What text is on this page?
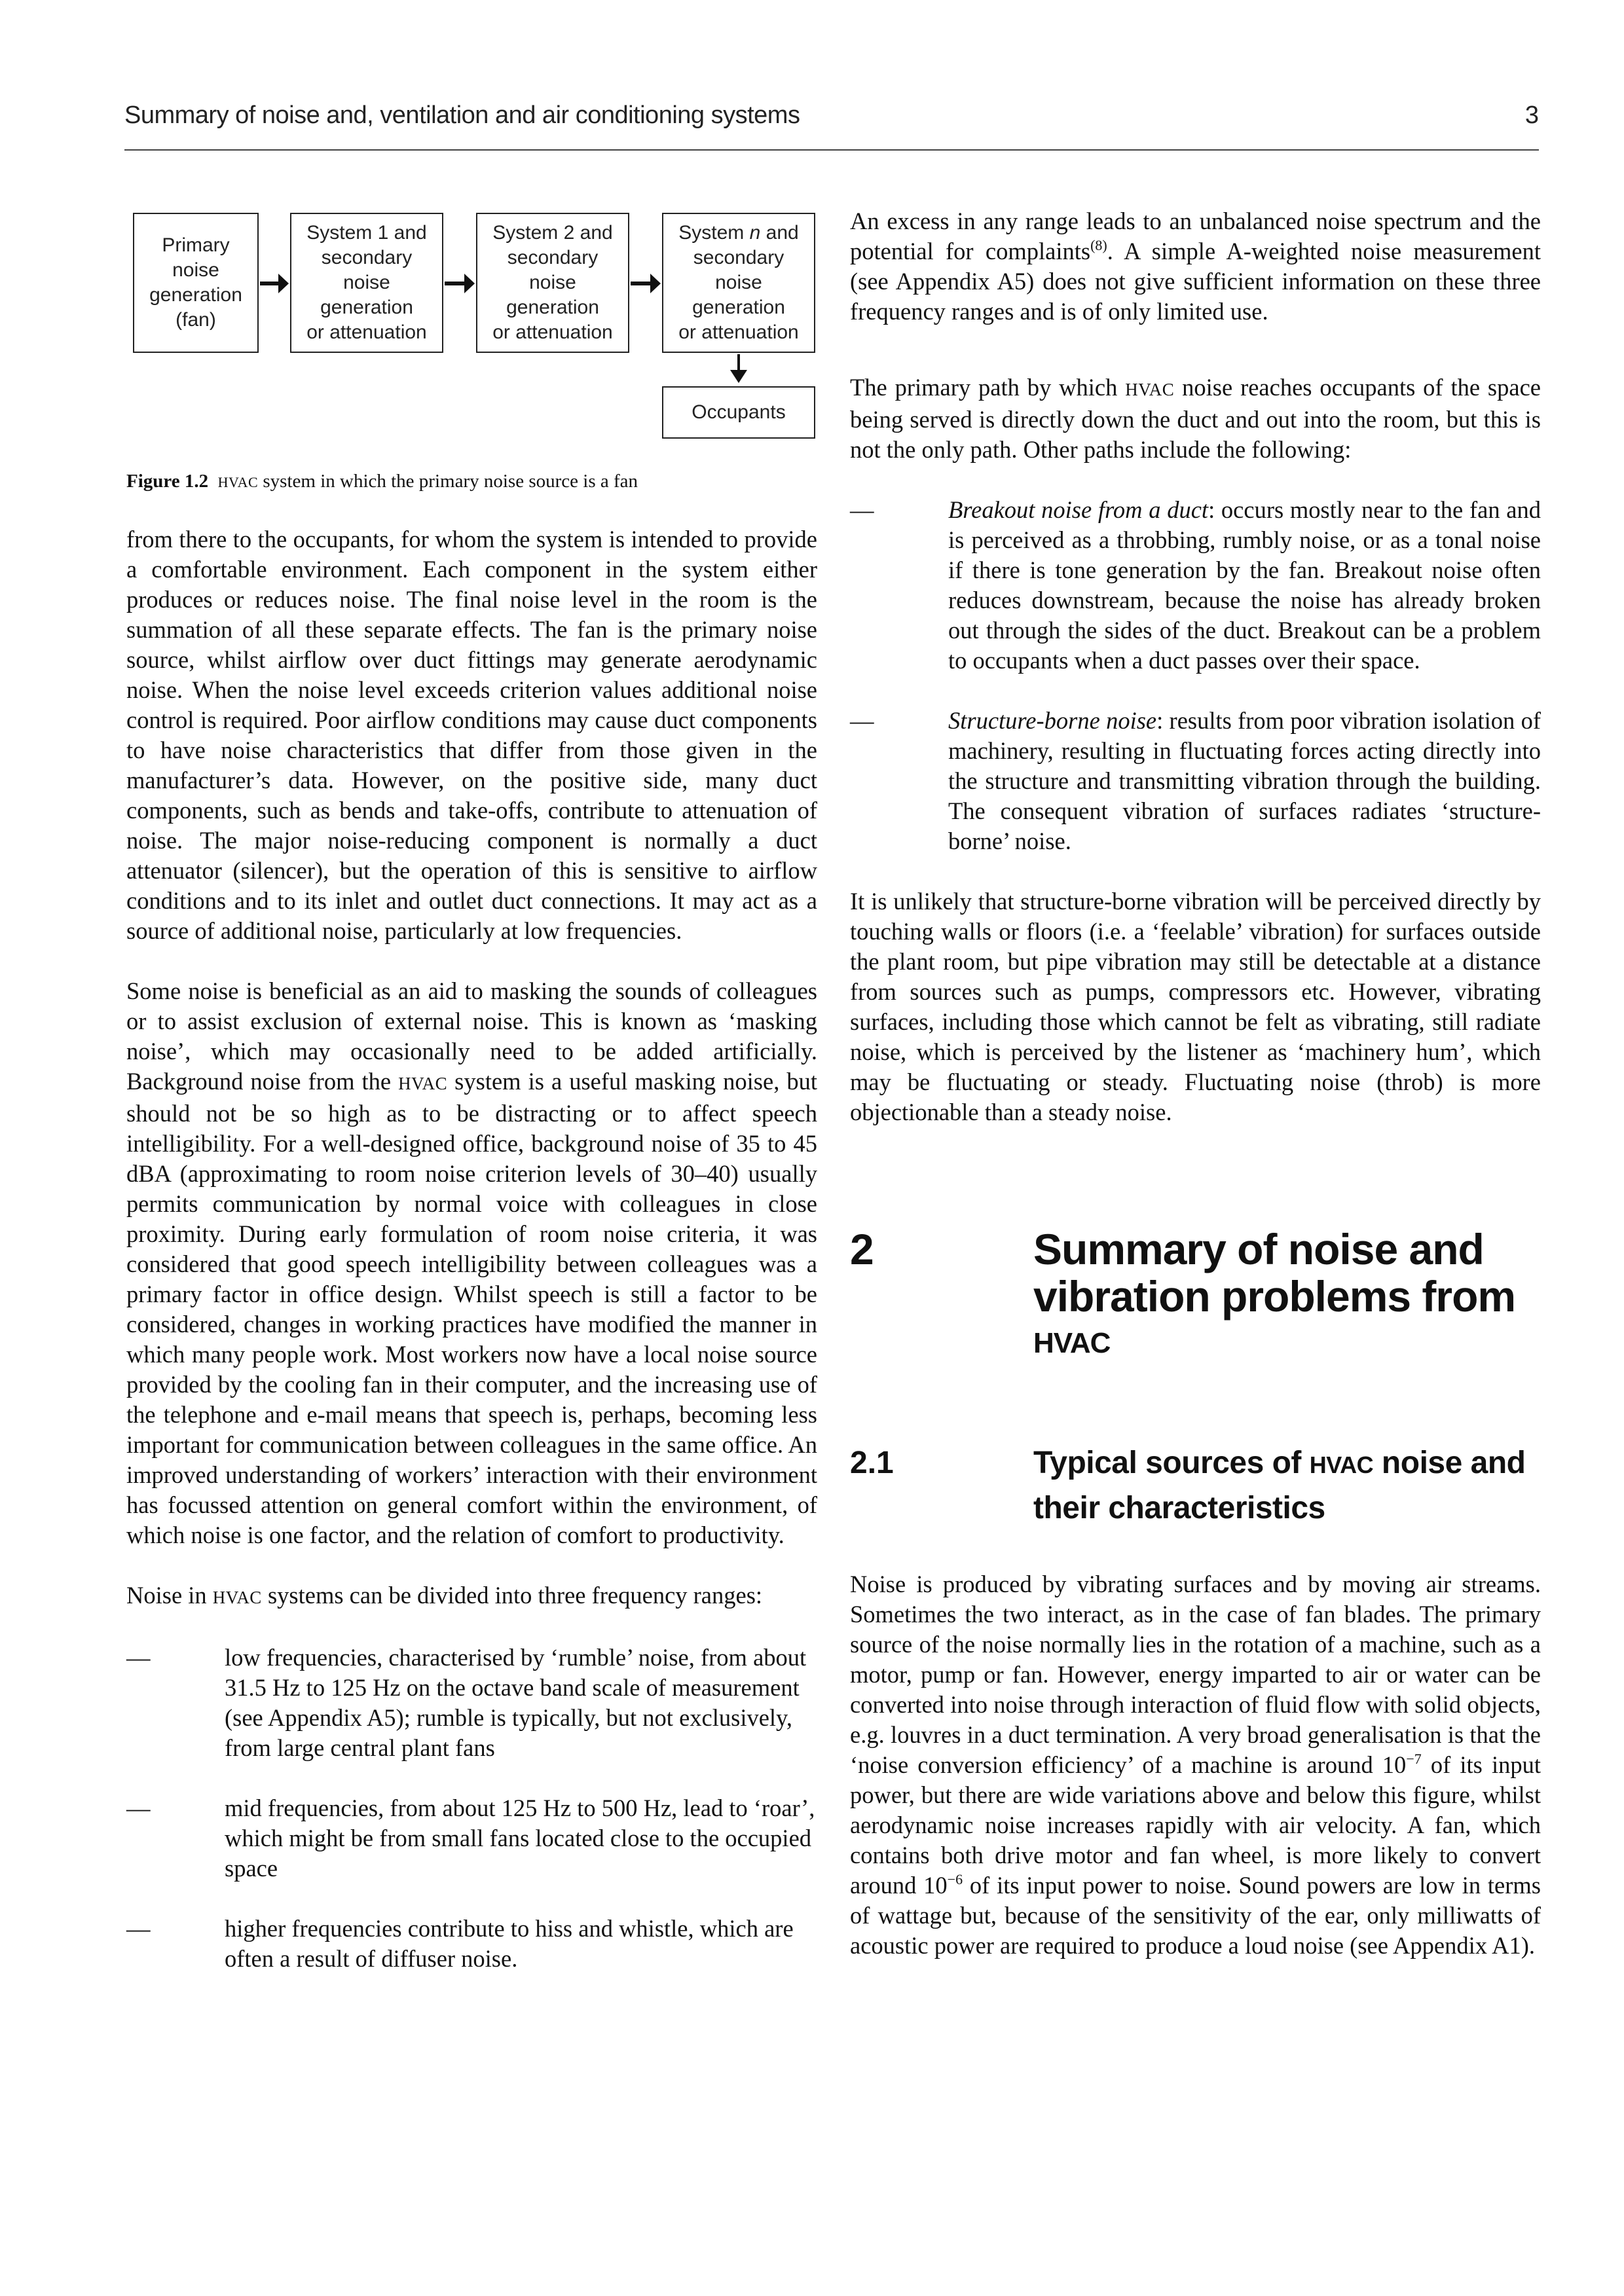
Summary of noise and, ventilation and air conditioning systems	3
Primary
noise
generation
(fan)
System 1 and
secondary
noise
generation
or attenuation
System 2 and
secondary
noise
generation
or attenuation
System n and
secondary
noise
generation
or attenuation
Occupants
Figure 1.2 HVAC system in which the primary noise source is a fan

from there to the occupants, for whom the system is intended to provide a comfortable environment. Each component in the system either produces or reduces noise. The final noise level in the room is the summation of all these separate effects. The fan is the primary noise source, whilst airflow over duct fittings may generate aerodynamic noise. When the noise level exceeds criterion values additional noise control is required. Poor airflow conditions may cause duct components to have noise characteristics that differ from those given in the manufacturer’s data. However, on the positive side, many duct components, such as bends and take-offs, contribute to attenuation of noise. The major noise-reducing component is normally a duct attenuator (silencer), but the operation of this is sensitive to airflow conditions and to its inlet and outlet duct connections. It may act as a source of additional noise, particularly at low frequencies.

Some noise is beneficial as an aid to masking the sounds of colleagues or to assist exclusion of external noise. This is known as ‘masking noise’, which may occasionally need to be added artificially. Background noise from the HVAC system is a useful masking noise, but should not be so high as to be distracting or to affect speech intelligibility. For a well-designed office, background noise of 35 to 45 dBA (approximating to room noise criterion levels of 30–40) usually permits communication by normal voice with colleagues in close proximity. During early formulation of room noise criteria, it was considered that good speech intelligibility between colleagues was a primary factor in office design. Whilst speech is still a factor to be considered, changes in working practices have modified the manner in which many people work. Most workers now have a local noise source provided by the cooling fan in their computer, and the increasing use of the telephone and e-mail means that speech is, perhaps, becoming less important for communication between colleagues in the same office. An improved understanding of workers’ interaction with their environment has focussed attention on general comfort within the environment, of which noise is one factor, and the relation of comfort to productivity.

Noise in HVAC systems can be divided into three frequency ranges:

—	low frequencies, characterised by ‘rumble’ noise, from about 31.5 Hz to 125 Hz on the octave band scale of measurement (see Appendix A5); rumble is typically, but not exclusively, from large central plant fans

—	mid frequencies, from about 125 Hz to 500 Hz, lead to ‘roar’, which might be from small fans located close to the occupied space

—	higher frequencies contribute to hiss and whistle, which are often a result of diffuser noise.

An excess in any range leads to an unbalanced noise spectrum and the potential for complaints$^{(8)}$. A simple A-weighted noise measurement (see Appendix A5) does not give sufficient information on these three frequency ranges and is of only limited use.

The primary path by which HVAC noise reaches occupants of the space being served is directly down the duct and out into the room, but this is not the only path. Other paths include the following:

—	Breakout noise from a duct: occurs mostly near to the fan and is perceived as a throbbing, rumbly noise, or as a tonal noise if there is tone generation by the fan. Breakout noise often reduces downstream, because the noise has already broken out through the sides of the duct. Breakout can be a problem to occupants when a duct passes over their space.

—	Structure-borne noise: results from poor vibration isolation of machinery, resulting in fluctuating forces acting directly into the structure and transmitting vibration through the building. The consequent vibration of surfaces radiates ‘structure-borne’ noise.

It is unlikely that structure-borne vibration will be perceived directly by touching walls or floors (i.e. a ‘feelable’ vibration) for surfaces outside the plant room, but pipe vibration may still be detectable at a distance from sources such as pumps, compressors etc. However, vibrating surfaces, including those which cannot be felt as vibrating, still radiate noise, which is perceived by the listener as ‘machinery hum’, which may be fluctuating or steady. Fluctuating noise (throb) is more objectionable than a steady noise.

2	Summary of noise and vibration problems from
HVAC
2.1	Typical sources of HVAC noise and their characteristics

Noise is produced by vibrating surfaces and by moving air streams. Sometimes the two interact, as in the case of fan blades. The primary source of the noise normally lies in the rotation of a machine, such as a motor, pump or fan. However, energy imparted to air or water can be converted into noise through interaction of fluid flow with solid objects, e.g. louvres in a duct termination. A very broad generalisation is that the ‘noise conversion efficiency’ of a machine is around $10^{-7}$ of its input power, but there are wide variations above and below this figure, whilst aerodynamic noise increases rapidly with air velocity. A fan, which contains both drive motor and fan wheel, is more likely to convert around $10^{-6}$ of its input power to noise. Sound powers are low in terms of wattage but, because of the sensitivity of the ear, only milliwatts of acoustic power are required to produce a loud noise (see Appendix A1).
